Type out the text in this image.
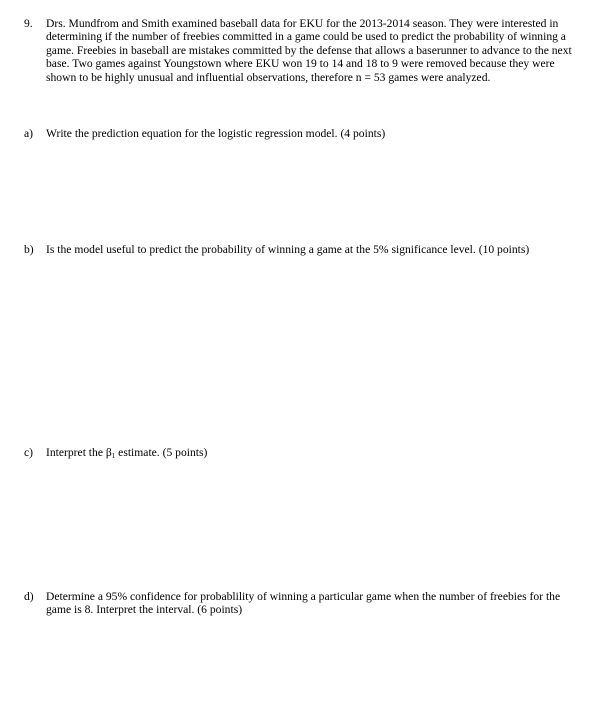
9. Drs. Mundfrom and Smith examined baseball data for EKU for the 2013-2014 season. They were interested in determining if the number of freebies committed in a game could be used to predict the probability of winning a game. Freebies in baseball are mistakes committed by the defense that allows a baserunner to advance to the next base. Two games against Youngstown where EKU won 19 to 14 and 18 to 9 were removed because they were shown to be highly unusual and influential observations, therefore n = 53 games were analyzed.
a) Write the prediction equation for the logistic regression model. (4 points)
b) Is the model useful to predict the probability of winning a game at the 5% significance level. (10 points)
c) Interpret the $\beta_1$ estimate. (5 points)
d) Determine a 95% confidence for probablility of winning a particular game when the number of freebies for the game is 8. Interpret the interval. (6 points)
